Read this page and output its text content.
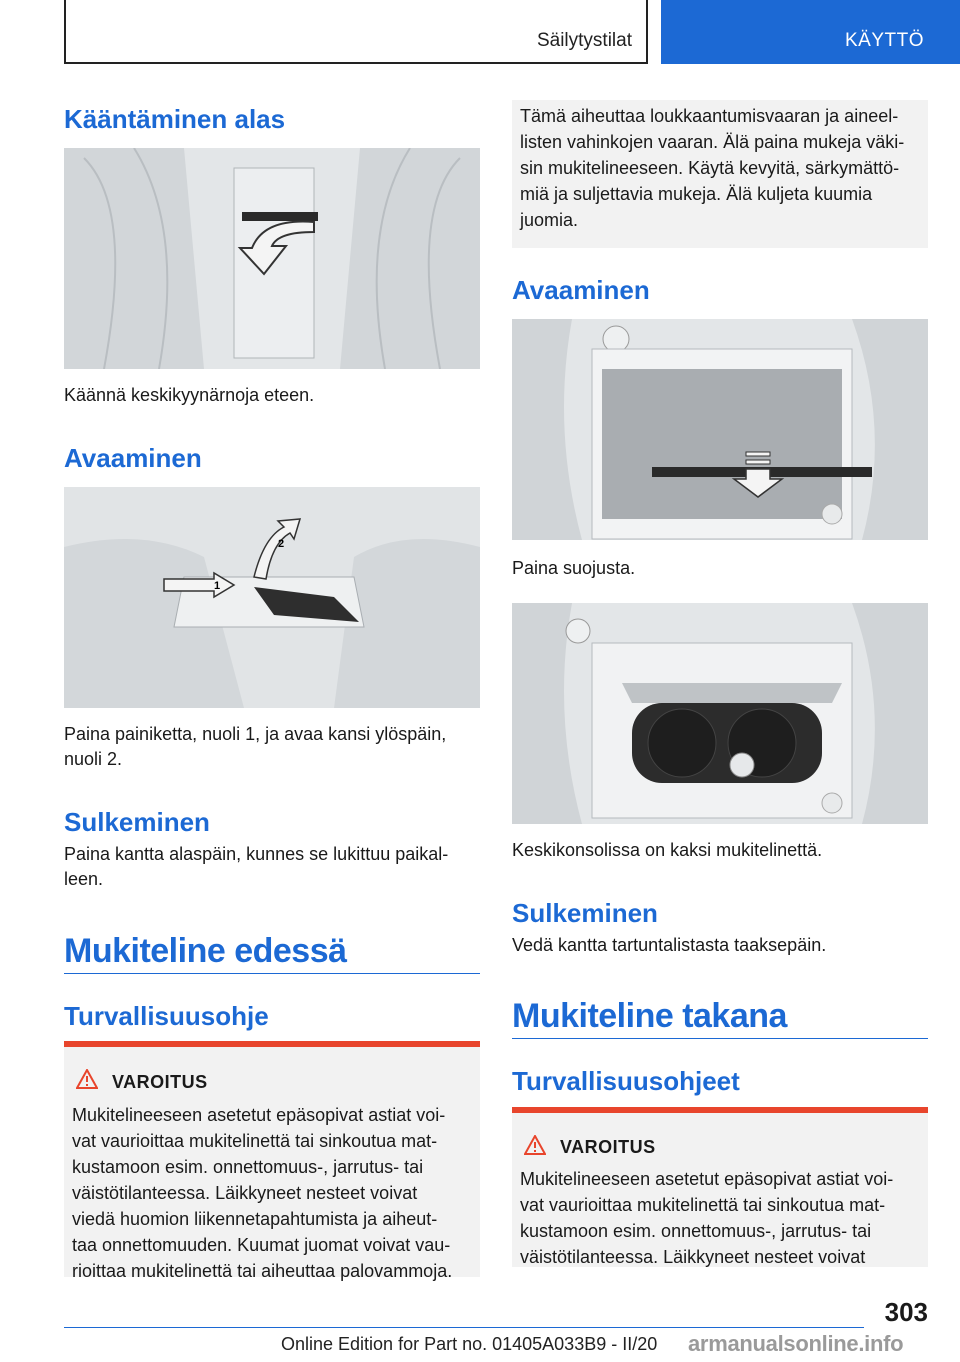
Säilytystilat	KÄYTTÖ
Kääntäminen alas

Käännä keskikyynärnoja eteen.

Avaaminen
1
2

Paina painiketta, nuoli 1, ja avaa kansi ylöspäin,

nuoli 2.

Sulkeminen

Paina kantta alaspäin, kunnes se lukittuu paikal-

leen.

Mukiteline edessä
Turvallisuusohje
VAROITUS

Mukitelineeseen asetetut epäsopivat astiat voi-

vat vaurioittaa mukitelinettä tai sinkoutua mat-

kustamoon esim. onnettomuus-, jarrutus- tai

väistötilanteessa. Läikkyneet nesteet voivat

viedä huomion liikennetapahtumista ja aiheut-

taa onnettomuuden. Kuumat juomat voivat vau-

rioittaa mukitelinettä tai aiheuttaa palovammoja.

Tämä aiheuttaa loukkaantumisvaaran ja aineel-

listen vahinkojen vaaran. Älä paina mukeja väki-

sin mukitelineeseen. Käytä kevyitä, särkymättö-

miä ja suljettavia mukeja. Älä kuljeta kuumia

juomia.

Avaaminen

Paina suojusta.

Keskikonsolissa on kaksi mukitelinettä.

Sulkeminen

Vedä kantta tartuntalistasta taaksepäin.

Mukiteline takana
Turvallisuusohjeet
VAROITUS

Mukitelineeseen asetetut epäsopivat astiat voi-

vat vaurioittaa mukitelinettä tai sinkoutua mat-

kustamoon esim. onnettomuus-, jarrutus- tai

väistötilanteessa. Läikkyneet nesteet voivat

303
Online Edition for Part no. 01405A033B9 - II/20 armanualsonline.info
